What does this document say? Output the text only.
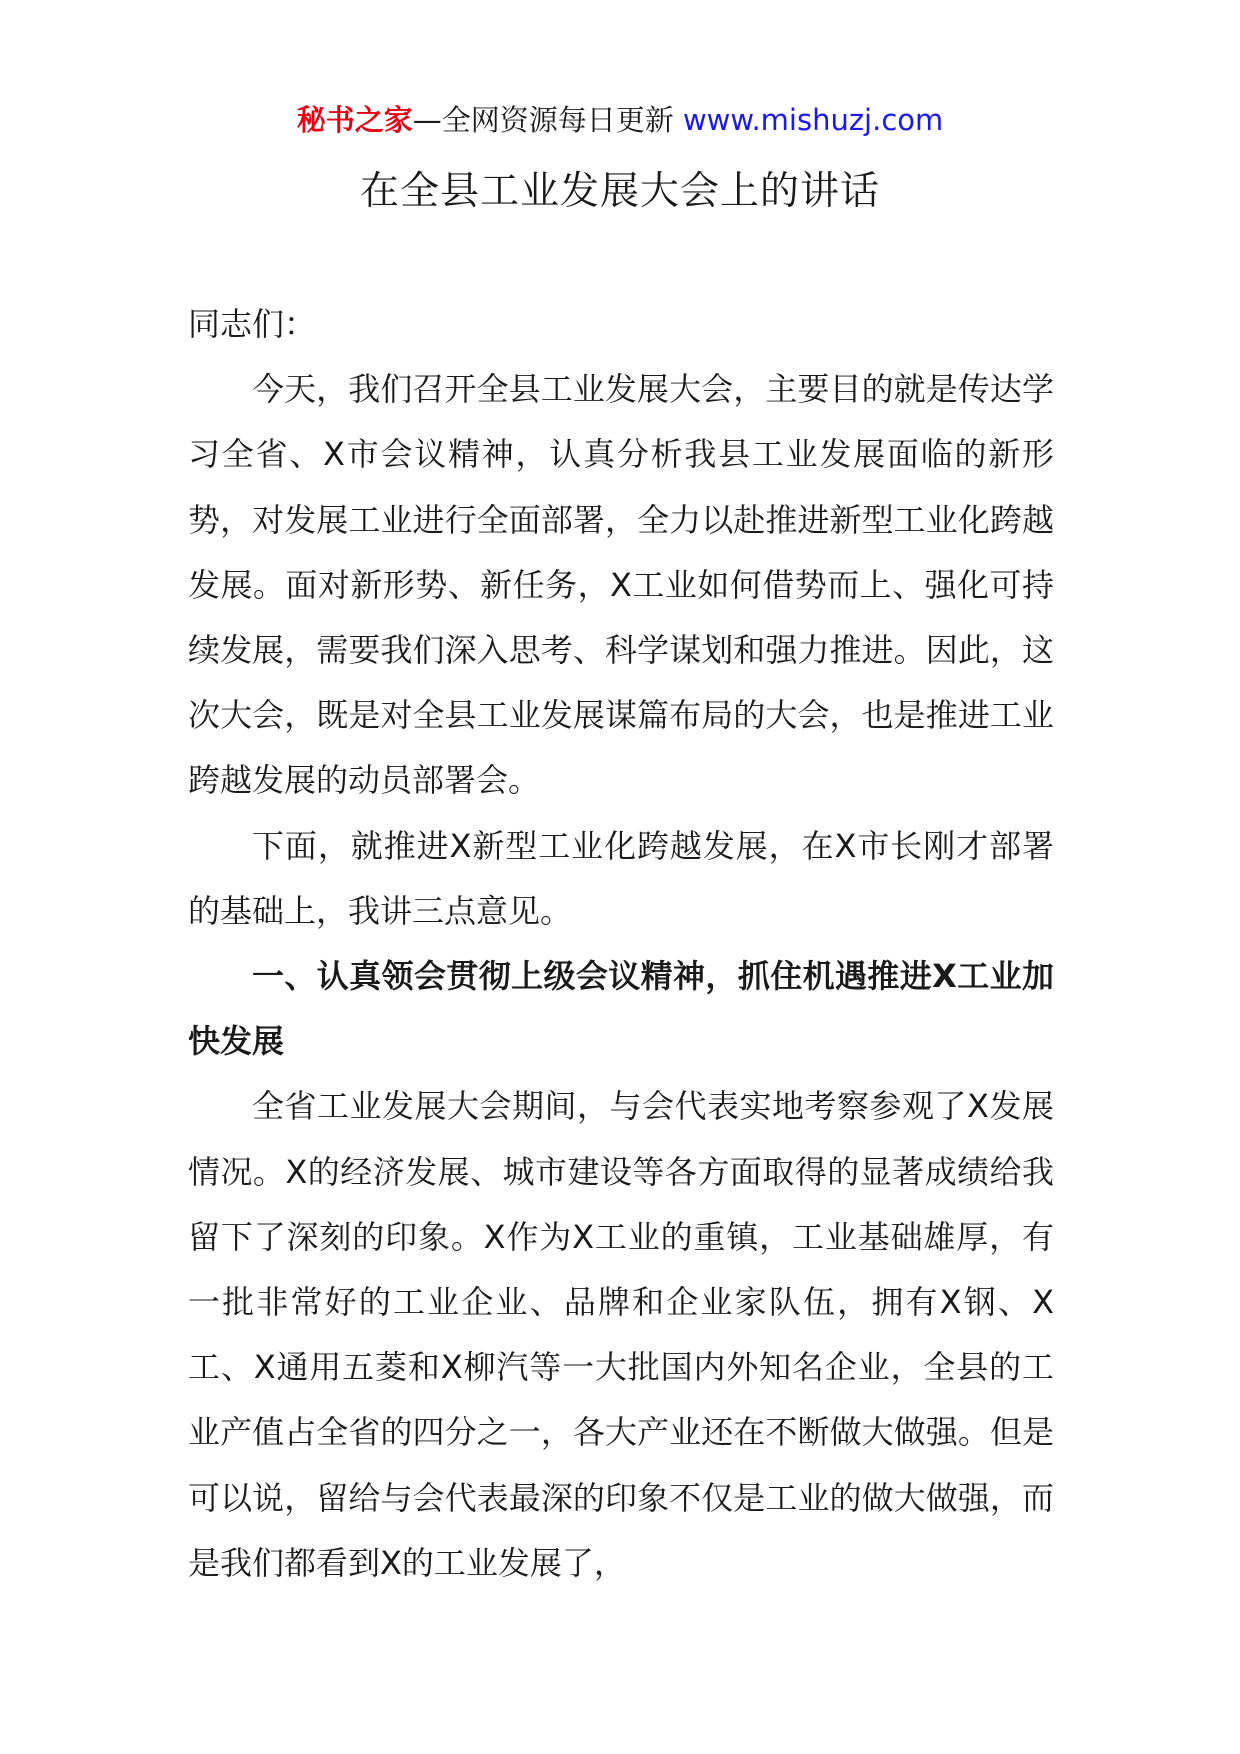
秘书之家—全网资源每日更新 www.mishuzj.com
在全县工业发展大会上的讲话

同志们：

今天，我们召开全县工业发展大会，主要目的就是传达学习全省、X市会议精神，认真分析我县工业发展面临的新形势，对发展工业进行全面部署，全力以赴推进新型工业化跨越发展。面对新形势、新任务，X工业如何借势而上、强化可持续发展，需要我们深入思考、科学谋划和强力推进。因此，这次大会，既是对全县工业发展谋篇布局的大会，也是推进工业跨越发展的动员部署会。

下面，就推进X新型工业化跨越发展，在X市长刚才部署的基础上，我讲三点意见。

一、认真领会贯彻上级会议精神，抓住机遇推进X工业加快发展

全省工业发展大会期间，与会代表实地考察参观了X发展情况。X的经济发展、城市建设等各方面取得的显著成绩给我留下了深刻的印象。X作为X工业的重镇，工业基础雄厚，有一批非常好的工业企业、品牌和企业家队伍，拥有X钢、X工、X通用五菱和X柳汽等一大批国内外知名企业，全县的工业产值占全省的四分之一，各大产业还在不断做大做强。但是可以说，留给与会代表最深的印象不仅是工业的做大做强，而是我们都看到X的工业发展了，
